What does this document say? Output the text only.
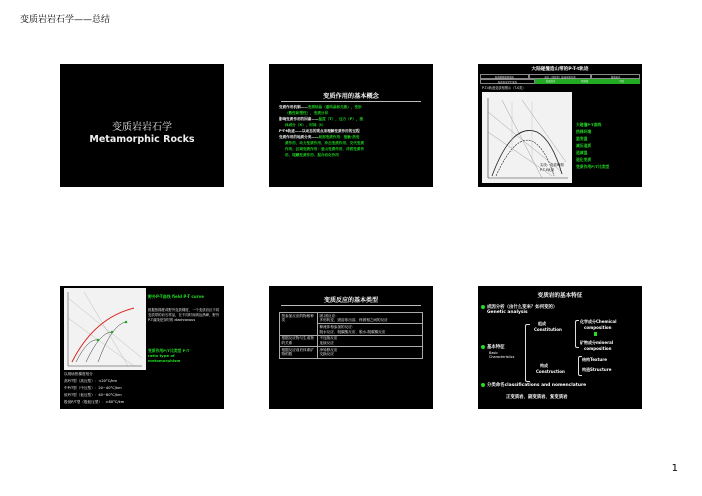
变质岩岩石学——总结
变质岩岩石学
Metamorphic Rocks
变质作用的基本概念
变质作用机制——变质结晶（重结晶和交换），变形
（数性和塑性），变质分异
影响变质作用的因素——温度（T），压力（P），流
体成分（X），时间（t）
P-T-t轨迹——以动态的观点来理解变质作用的过程
变质作用的地质分类——局部变质作用：接触·热变
质作用、动力变质作用、冲击变质作用、交代变质
作用；区域变质作用：造山变质作用、洋底变质作
用、埋藏变质作用、混合岩化作用
大陆碰撞造山带的P-T-t轨迹
地壳增厚和早变质	抬升（或拉张）使减压和升温	侵蚀抬升
地壳加压至中低温	高温高压	同剥蚀	中温
P-T-t轨迹变质相图示（T-S类）
实线：变质峰期
P-T-t轨迹
大碰撞P-T曲线
热梯环境
温变温
减压退质
退减温
退化变质
变质作用P/T比类型
野外P-T曲线 field P-T curve
根据热梯度或野外变质梯度，一个变质岩区不同变质带的岩石样品，在不同时间到达热峰，野外P-T曲线是穿时的 diachronous
变质作用P/T比类型 P/T
ratio type of
metamorphism
以现场热梯度划分
高P/T型（高压型）：<20°C/km
中P/T型（中压型）：20~40°C/km
低P/T型（低压型）：40~80°C/km
极低P/T型（极低压型）：>80°C/km
变质反应的基本类型
按参加反应的物相种类	固-固反应：
多形转变、固溶体出溶、终固相之间的反应
	释流体相参加的反应：
脱水反应、脱碳酸反应、脱水-脱碳酸反应
根据反应物与生成物的关系	不连续反应
连续反应
根据反应前后体系矿物的数	净转移反应
交换反应
变质岩的基本特征
成因分析（由什么变来？如何变的）
Genetic analysis
基本特征
Basic
Characteristics
组成
Constitution
化学成分Chemical
composition
矿物成分mineral
composition
构成
Construction
结构Texture
构造Structure
分类命名classifications and nomenclature
正变质岩、副变质岩、复变质岩
1
